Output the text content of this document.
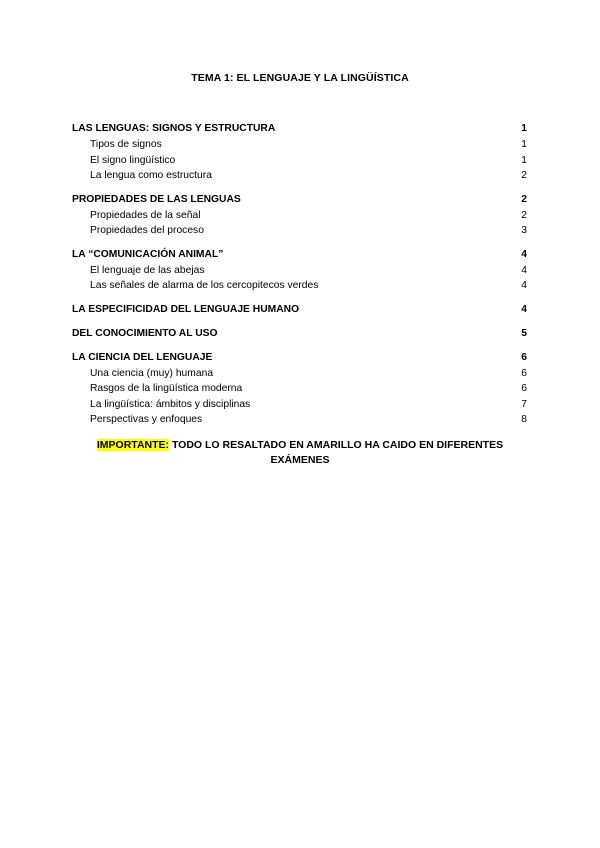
TEMA 1: EL LENGUAJE Y LA LINGÜÍSTICA
LAS LENGUAS: SIGNOS Y ESTRUCTURA	1
Tipos de signos	1
El signo lingüístico	1
La lengua como estructura	2
PROPIEDADES DE LAS LENGUAS	2
Propiedades de la señal	2
Propiedades del proceso	3
LA “COMUNICACIÓN ANIMAL”	4
El lenguaje de las abejas	4
Las señales de alarma de los cercopitecos verdes	4
LA ESPECIFICIDAD DEL LENGUAJE HUMANO	4
DEL CONOCIMIENTO AL USO	5
LA CIENCIA DEL LENGUAJE	6
Una ciencia (muy) humana	6
Rasgos de la lingüística moderna	6
La lingüística: ámbitos y disciplinas	7
Perspectivas y enfoques	8
IMPORTANTE: TODO LO RESALTADO EN AMARILLO HA CAIDO EN DIFERENTES EXÁMENES
